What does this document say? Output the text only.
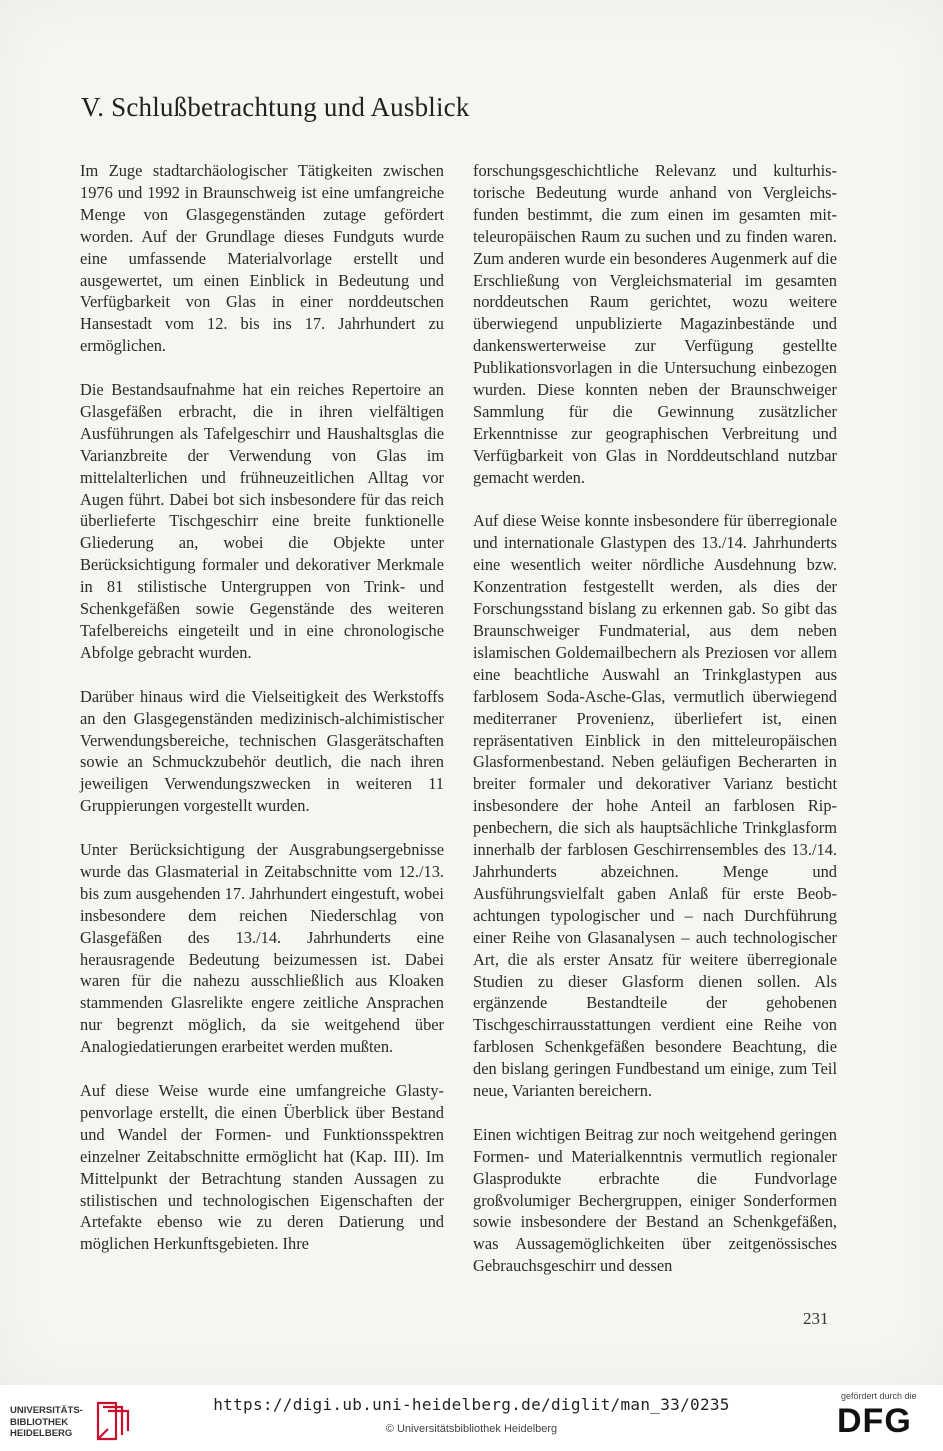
V. Schlußbetrachtung und Ausblick

Im Zuge stadtarchäologischer Tätigkeiten zwischen 1976 und 1992 in Braunschweig ist eine umfangreiche Menge von Glasgegenständen zutage gefördert worden. Auf der Grundlage dieses Fundguts wurde eine umfassende Materialvorlage erstellt und ausgewertet, um einen Einblick in Bedeutung und Verfügbarkeit von Glas in einer norddeutschen Hansestadt vom 12. bis ins 17. Jahrhundert zu ermöglichen.

Die Bestandsaufnahme hat ein reiches Repertoire an Glasgefäßen erbracht, die in ihren vielfältigen Ausführungen als Tafelgeschirr und Haushaltsglas die Varianzbreite der Verwendung von Glas im mittelalterlichen und frühneuzeitlichen Alltag vor Augen führt. Dabei bot sich insbesondere für das reich überlieferte Tischgeschirr eine breite funktionelle Gliederung an, wobei die Objekte unter Berücksichtigung formaler und dekorativer Merkmale in 81 stilistische Untergruppen von Trink- und Schenkgefäßen sowie Gegenstände des weiteren Tafelbereichs eingeteilt und in eine chronologische Abfolge gebracht wurden.

Darüber hinaus wird die Vielseitigkeit des Werkstoffs an den Glasgegenständen medizinisch-alchimistischer Verwendungsbereiche, technischen Glasgerätschaften sowie an Schmuckzubehör deutlich, die nach ihren jeweiligen Verwendungszwecken in weiteren 11 Gruppierungen vorgestellt wurden.

Unter Berücksichtigung der Ausgrabungsergebnisse wurde das Glasmaterial in Zeitabschnitte vom 12./13. bis zum ausgehenden 17. Jahrhundert eingestuft, wobei insbesondere dem reichen Niederschlag von Glasgefäßen des 13./14. Jahrhunderts eine herausragende Bedeutung beizumessen ist. Dabei waren für die nahezu ausschließlich aus Kloaken stammenden Glasrelikte engere zeitliche Ansprachen nur begrenzt möglich, da sie weitgehend über Analogiedatierungen erarbeitet werden mußten.

Auf diese Weise wurde eine umfangreiche Glastypenvorlage erstellt, die einen Überblick über Bestand und Wandel der Formen- und Funktionsspektren einzelner Zeitabschnitte ermöglicht hat (Kap. III). Im Mittelpunkt der Betrachtung standen Aussagen zu stilistischen und technologischen Eigenschaften der Artefakte ebenso wie zu deren Datierung und möglichen Herkunftsgebieten. Ihre

forschungsgeschichtliche Relevanz und kulturhistorische Bedeutung wurde anhand von Vergleichsfunden bestimmt, die zum einen im gesamten mitteleuropäischen Raum zu suchen und zu finden waren. Zum anderen wurde ein besonderes Augenmerk auf die Erschließung von Vergleichsmaterial im gesamten norddeutschen Raum gerichtet, wozu weitere überwiegend unpublizierte Magazinbestände und dankenswerterweise zur Verfügung gestellte Publikationsvorlagen in die Untersuchung einbezogen wurden. Diese konnten neben der Braunschweiger Sammlung für die Gewinnung zusätzlicher Erkenntnisse zur geographischen Verbreitung und Verfügbarkeit von Glas in Norddeutschland nutzbar gemacht werden.

Auf diese Weise konnte insbesondere für überregionale und internationale Glastypen des 13./14. Jahrhunderts eine wesentlich weiter nördliche Ausdehnung bzw. Konzentration festgestellt werden, als dies der Forschungsstand bislang zu erkennen gab. So gibt das Braunschweiger Fundmaterial, aus dem neben islamischen Goldemailbechern als Preziosen vor allem eine beachtliche Auswahl an Trinkglastypen aus farblosem Soda-Asche-Glas, vermutlich überwiegend mediterraner Provenienz, überliefert ist, einen repräsentativen Einblick in den mitteleuropäischen Glasformenbestand. Neben geläufigen Becherarten in breiter formaler und dekorativer Varianz besticht insbesondere der hohe Anteil an farblosen Rippenbechern, die sich als hauptsächliche Trinkglasform innerhalb der farblosen Geschirrensembles des 13./14. Jahrhunderts abzeichnen. Menge und Ausführungsvielfalt gaben Anlaß für erste Beobachtungen typologischer und – nach Durchführung einer Reihe von Glasanalysen – auch technologischer Art, die als erster Ansatz für weitere überregionale Studien zu dieser Glasform dienen sollen. Als ergänzende Bestandteile der gehobenen Tischgeschirrausstattungen verdient eine Reihe von farblosen Schenkgefäßen besondere Beachtung, die den bislang geringen Fundbestand um einige, zum Teil neue, Varianten bereichern.

Einen wichtigen Beitrag zur noch weitgehend geringen Formen- und Materialkenntnis vermutlich regionaler Glasprodukte erbrachte die Fundvorlage großvolumiger Bechergruppen, einiger Sonderformen sowie insbesondere der Bestand an Schenkgefäßen, was Aussagemöglichkeiten über zeitgenössisches Gebrauchsgeschirr und dessen

231
UNIVERSITÄTS-
BIBLIOTHEK
HEIDELBERG
https://digi.ub.uni-heidelberg.de/diglit/man_33/0235
© Universitätsbibliothek Heidelberg
gefördert durch die
DFG
